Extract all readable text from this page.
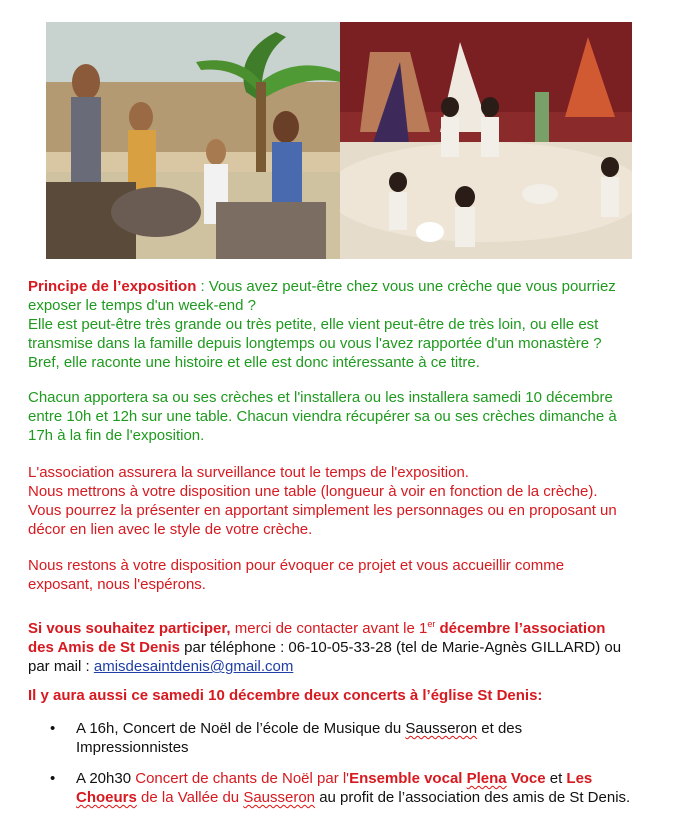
Principe de l’exposition : Vous avez peut-être chez vous une crèche que vous pourriez
exposer le temps d'un week-end ?
Elle est peut-être très grande ou très petite, elle vient peut-être de très loin, ou elle est
transmise dans la famille depuis longtemps ou vous l'avez rapportée d'un monastère ?
Bref, elle raconte une histoire et elle est donc intéressante à ce titre.
Chacun apportera sa ou ses crèches et l'installera ou les installera samedi 10 décembre
entre 10h et 12h sur une table. Chacun viendra récupérer sa ou ses crèches dimanche à
17h à la fin de l'exposition.
L'association assurera la surveillance tout le temps de l'exposition.
Nous mettrons à votre disposition une table (longueur à voir en fonction de la crèche).
Vous pourrez la présenter en apportant simplement les personnages ou en proposant un
décor en lien avec le style de votre crèche.
Nous restons à votre disposition pour évoquer ce projet et vous accueillir comme
exposant, nous l'espérons.
Si vous souhaitez participer, merci de contacter avant le 1er décembre l’association
des Amis de St Denis par téléphone : 06-10-05-33-28 (tel de Marie-Agnès GILLARD) ou
par mail : amisdesaintdenis@gmail.com
Il y aura aussi ce samedi 10 décembre deux concerts à l’église St Denis:
• A 16h, Concert de Noël de l’école de Musique du Sausseron et des
Impressionnistes
• A 20h30 Concert de chants de Noël par l'Ensemble vocal Plena Voce et Les
Choeurs de la Vallée du Sausseron au profit de l’association des amis de St Denis.
